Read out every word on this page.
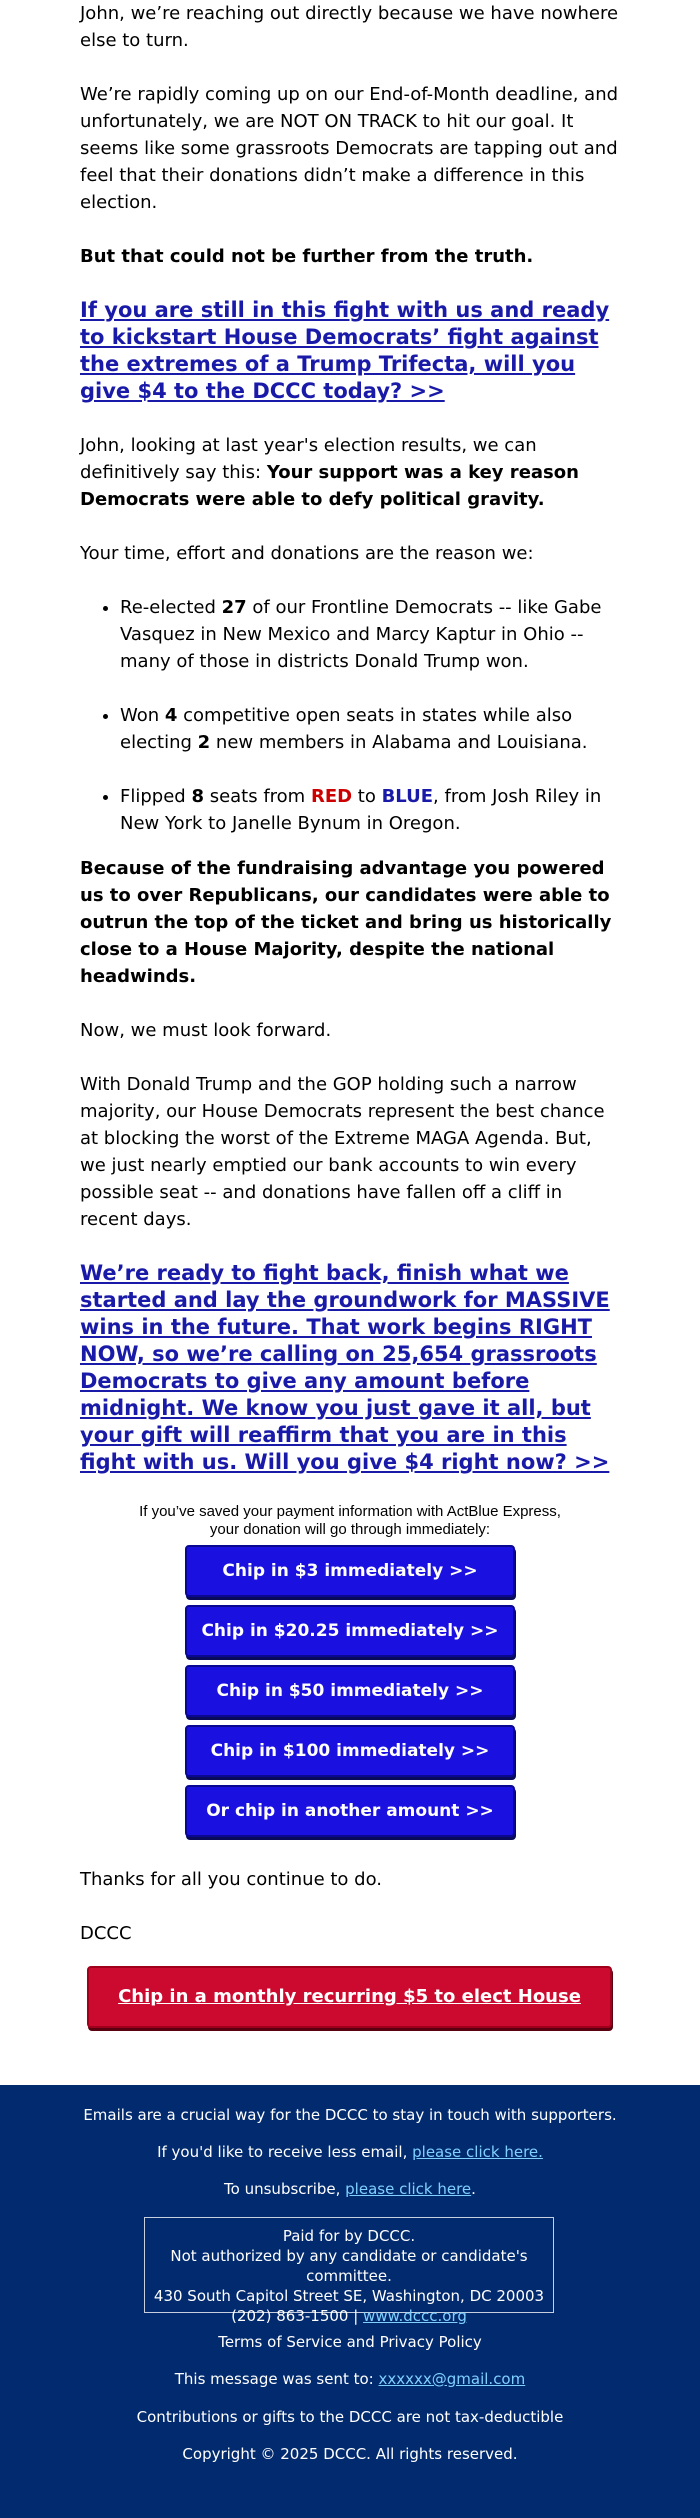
John, we’re reaching out directly because we have nowhere else to turn.

We’re rapidly coming up on our End-of-Month deadline, and unfortunately, we are NOT ON TRACK to hit our goal. It seems like some grassroots Democrats are tapping out and feel that their donations didn’t make a difference in this election.

But that could not be further from the truth.

If you are still in this fight with us and ready to kickstart House Democrats’ fight against the extremes of a Trump Trifecta, will you give $4 to the DCCC today? >>

John, looking at last year's election results, we can definitively say this: Your support was a key reason Democrats were able to defy political gravity.

Your time, effort and donations are the reason we:

• Re-elected 27 of our Frontline Democrats -- like Gabe Vasquez in New Mexico and Marcy Kaptur in Ohio -- many of those in districts Donald Trump won.
• Won 4 competitive open seats in states while also electing 2 new members in Alabama and Louisiana.
• Flipped 8 seats from RED to BLUE, from Josh Riley in New York to Janelle Bynum in Oregon.

Because of the fundraising advantage you powered us to over Republicans, our candidates were able to outrun the top of the ticket and bring us historically close to a House Majority, despite the national headwinds.

Now, we must look forward.

With Donald Trump and the GOP holding such a narrow majority, our House Democrats represent the best chance at blocking the worst of the Extreme MAGA Agenda. But, we just nearly emptied our bank accounts to win every possible seat -- and donations have fallen off a cliff in recent days.

We’re ready to fight back, finish what we started and lay the groundwork for MASSIVE wins in the future. That work begins RIGHT NOW, so we’re calling on 25,654 grassroots Democrats to give any amount before midnight. We know you just gave it all, but your gift will reaffirm that you are in this fight with us. Will you give $4 right now? >>

If you’ve saved your payment information with ActBlue Express,
your donation will go through immediately:
Chip in $3 immediately >>
Chip in $20.25 immediately >>
Chip in $50 immediately >>
Chip in $100 immediately >>
Or chip in another amount >>

Thanks for all you continue to do.

DCCC

Chip in a monthly recurring $5 to elect House Dems >>
Emails are a crucial way for the DCCC to stay in touch with supporters.
If you'd like to receive less email, please click here.
To unsubscribe, please click here.
Paid for by DCCC.
Not authorized by any candidate or candidate's committee.
430 South Capitol Street SE, Washington, DC 20003
(202) 863-1500 | www.dccc.org
Terms of Service and Privacy Policy
This message was sent to: xxxxxx@gmail.com
Contributions or gifts to the DCCC are not tax-deductible
Copyright © 2025 DCCC. All rights reserved.
